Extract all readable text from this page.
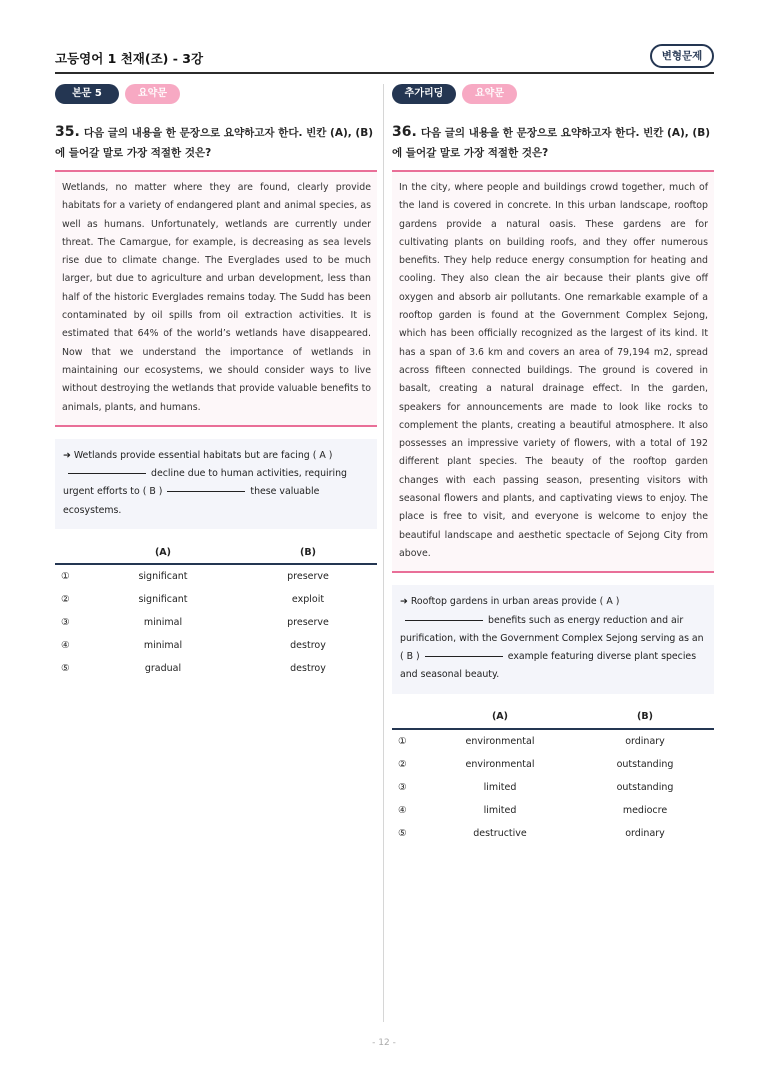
고등영어 1 천재(조) - 3강	변형문제
본문 5	요약문
35. 다음 글의 내용을 한 문장으로 요약하고자 한다. 빈칸 (A), (B)에 들어갈 말로 가장 적절한 것은?
Wetlands, no matter where they are found, clearly provide habitats for a variety of endangered plant and animal species, as well as humans. Unfortunately, wetlands are currently under threat. The Camargue, for example, is decreasing as sea levels rise due to climate change. The Everglades used to be much larger, but due to agriculture and urban development, less than half of the historic Everglades remains today. The Sudd has been contaminated by oil spills from oil extraction activities. It is estimated that 64% of the world’s wetlands have disappeared. Now that we understand the importance of wetlands in maintaining our ecosystems, we should consider ways to live without destroying the wetlands that provide valuable benefits to animals, plants, and humans.
➜ Wetlands provide essential habitats but are facing ( A )
decline due to human activities, requiring urgent efforts to ( B )	these valuable ecosystems.
(A)	(B)
①	significant	preserve
②	significant	exploit
③	minimal	preserve
④	minimal	destroy
⑤	gradual	destroy
추가리딩	요약문
36. 다음 글의 내용을 한 문장으로 요약하고자 한다. 빈칸 (A), (B)에 들어갈 말로 가장 적절한 것은?
In the city, where people and buildings crowd together, much of the land is covered in concrete. In this urban landscape, rooftop gardens provide a natural oasis. These gardens are for cultivating plants on building roofs, and they offer numerous benefits. They help reduce energy consumption for heating and cooling. They also clean the air because their plants give off oxygen and absorb air pollutants. One remarkable example of a rooftop garden is found at the Government Complex Sejong, which has been officially recognized as the largest of its kind. It has a span of 3.6 km and covers an area of 79,194 m2, spread across fifteen connected buildings. The ground is covered in basalt, creating a natural drainage effect. In the garden, speakers for announcements are made to look like rocks to complement the plants, creating a beautiful atmosphere. It also possesses an impressive variety of flowers, with a total of 192 different plant species. The beauty of the rooftop garden changes with each passing season, presenting visitors with seasonal flowers and plants, and captivating views to enjoy. The place is free to visit, and everyone is welcome to enjoy the beautiful landscape and aesthetic spectacle of Sejong City from above.
➜ Rooftop gardens in urban areas provide ( A )
benefits such as energy reduction and air purification, with the Government Complex Sejong serving as an ( B )	example featuring diverse plant species and seasonal beauty.
(A)	(B)
①	environmental	ordinary
②	environmental	outstanding
③	limited	outstanding
④	limited	mediocre
⑤	destructive	ordinary
- 12 -
